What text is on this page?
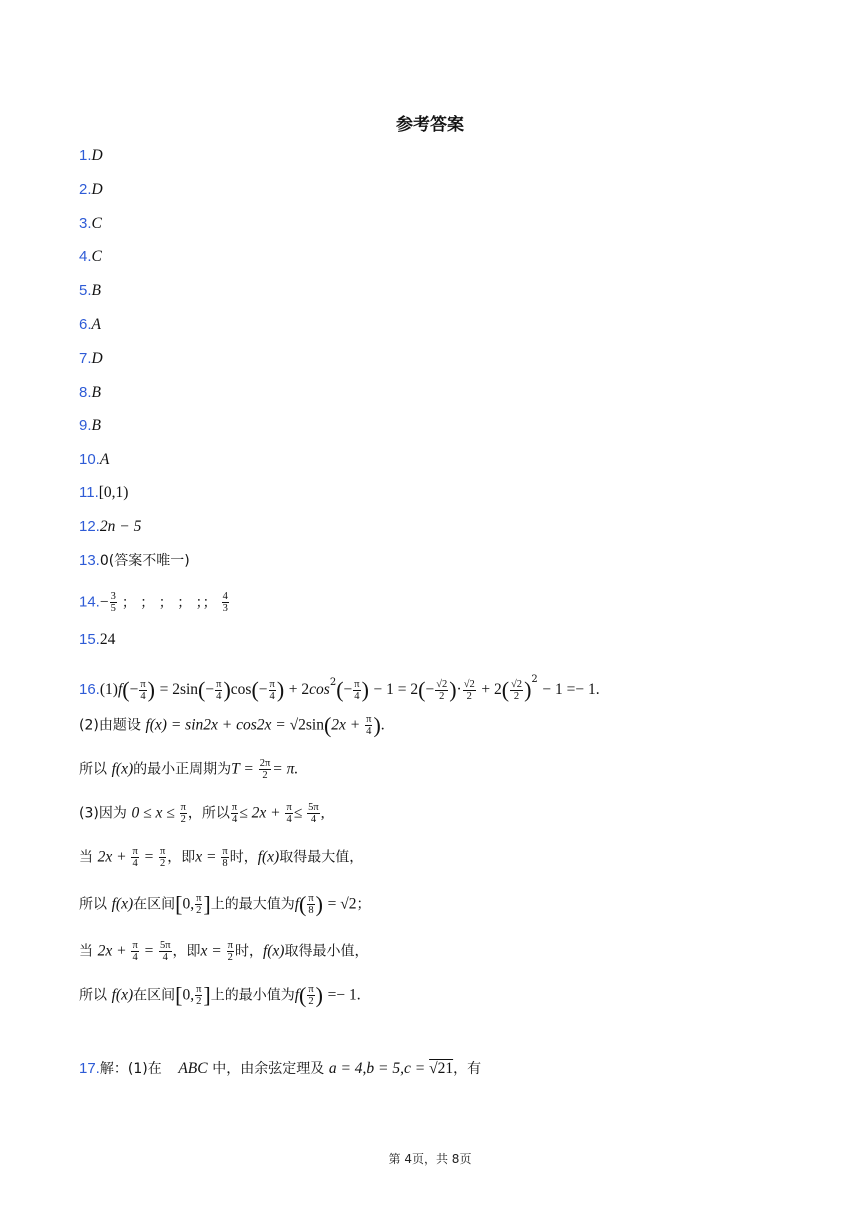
参考答案
1.D
2.D
3.C
4.C
5.B
6.A
7.D
8.B
9.B
10.A
11.[0,1)
12.2n − 5
13.0(答案不唯一)
$14.- \frac{3}{5}$ ； ； ； ； ；； $\frac{4}{3}$
15.24
$16.(1)f(- \frac{\pi}{4}$ ) = $2\sin(- \frac{\pi}{4} )\cos(- \frac{\pi}{4}$ ) + $2\cos^2(- \frac{\pi}{4}$ ) − $1 = 2(- \frac{√2}{2}$ )· $\frac{√2}{2} + 2( \frac{√2}{2} )^2 - 1 =- 1$.
(2)由题设 $f(x) = \sin 2x + \cos 2x = √2\sin(2x + \frac{\pi}{4}$ ).
所以 f(x)的最小正周期为$T = \frac{2\pi}{2} = \pi$.
(3)因为 $0 \le x \le \frac{\pi}{2}$ ，所以 $\frac{\pi}{4} \le 2x + \frac{\pi}{4} \le \frac{5\pi}{4}$ ,
当 $2x + \frac{\pi}{4} = \frac{\pi}{2}$ ，即$x = \frac{\pi}{8}$ 时，f(x)取得最大值，
所以 f(x)在区间[0, $\frac{\pi}{2}$ ]上的最大值为$f( \frac{\pi}{8}$ ) = √2；
当 $2x + \frac{\pi}{4} = \frac{5\pi}{4}$ ，即$x = \frac{\pi}{2}$ 时，f(x)取得最小值，
所以 f(x)在区间[0, $\frac{\pi}{2}$ ]上的最小值为$f( \frac{\pi}{2}$ ) =− 1.
17.解：(1)在 ABC 中，由余弦定理及 a = 4,b = 5,c = √21，有
第 4页，共 8页
